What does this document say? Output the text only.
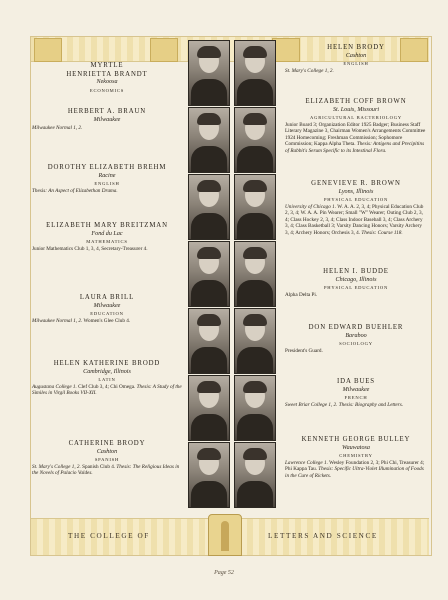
MYRTLE
HENRIETTA BRANDT
Nekoosa
ECONOMICS
HERBERT A. BRAUN
Milwaukee
Milwaukee Normal 1, 2.
DOROTHY ELIZABETH BREHM
Racine
ENGLISH
Thesis: An Aspect of Elizabethan Drama.
ELIZABETH MARY BREITZMAN
Fond du Lac
MATHEMATICS
Junior Mathematics Club 1, 3, 4, Secretary-Treasurer 4.
LAURA BRILL
Milwaukee
EDUCATION
Milwaukee Normal 1, 2. Women's Glee Club 4.
HELEN KATHERINE BRODD
Cambridge, Illinois
LATIN
Augustana College 1. Clef Club 3, 4; Chi Omega. Thesis: A Study of the Similes in Virgil Books VII-XII.
CATHERINE BRODY
Cashton
SPANISH
St. Mary's College 1, 2. Spanish Club 4. Thesis: The Religious Ideas in the Novels of Palacio Valdes.
HELEN BRODY
Cashton
ENGLISH
St. Mary's College 1, 2.
ELIZABETH COFF BROWN
St. Louis, Missouri
AGRICULTURAL BACTERIOLOGY
Junior Board 3; Organization Editor 1925 Badger; Business Staff Literary Magazine 3, Chairman Women's Arrangements Committee 1924 Homecoming; Freshman Commission; Sophomore Commission; Kappa Alpha Theta. Thesis: Antigens and Precipitins of Rabbit's Serum Specific to its Intestinal Flora.
GENEVIEVE R. BROWN
Lyons, Illinois
PHYSICAL EDUCATION
University of Chicago 1. W. A. A. 2, 3, 4; Physical Education Club 2, 3, 4; W. A. A. Pin Wearer; Small "W" Wearer; Outing Club 2, 3, 4; Class Hockey 2, 3, 4; Class Indoor Baseball 3, 4; Class Archery 3, 4; Class Basketball 3; Varsity Dancing Honors; Varsity Archery 3, 4; Archery Honors; Orchesis 3, 4. Thesis: Course 118.
HELEN I. BUDDE
Chicago, Illinois
PHYSICAL EDUCATION
Alpha Delta Pi.
DON EDWARD BUEHLER
Baraboo
SOCIOLOGY
President's Guard.
IDA BUES
Milwaukee
FRENCH
Sweet Briar College 1, 2. Thesis: Biography and Letters.
KENNETH GEORGE BULLEY
Wauwatosa
CHEMISTRY
Lawrence College 1. Wesley Foundation 2, 3; Phi Chi, Treasurer 4; Phi Kappa Tau. Thesis: Specific Ultra-Violet Illumination of Foods in the Cure of Rickets.
THE COLLEGE OF	LETTERS AND SCIENCE
Page 52
